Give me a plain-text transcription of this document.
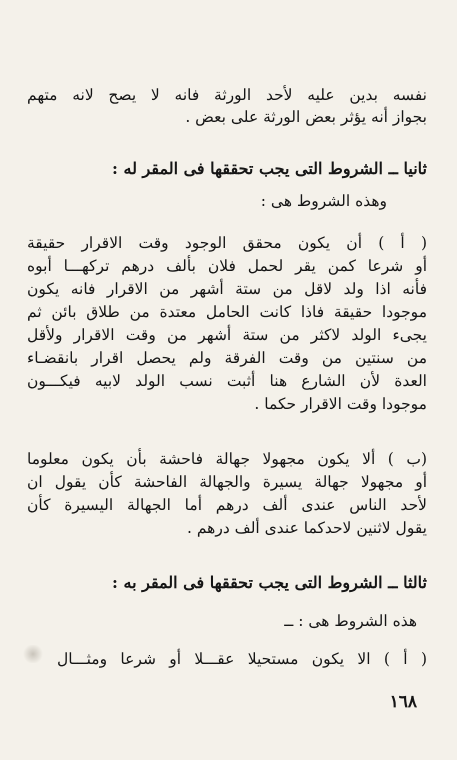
نفسه بدين عليه لأحد الورثة فانه لا يصح لانه متهم
بجواز أنه يؤثر بعض الورثة على بعض .
ثانيا ــ الشروط التى يجب تحققها فى المقر له :
وهذه الشروط هى :
( أ ) أن يكون محقق الوجود وقت الاقرار حقيقة
أو شرعا كمن يقر لحمل فلان بألف درهم تركهـــا أبوه
فأنه اذا ولد لاقل من ستة أشهر من الاقرار فانه يكون
موجودا حقيقة فاذا كانت الحامل معتدة من طلاق بائن ثم
يجىء الولد لاكثر من ستة أشهر من وقت الاقرار ولأقل
من سنتين من وقت الفرقة ولم يحصل اقرار بانقضـاء
العدة لأن الشارع هنا أثبت نسب الولد لابيه فيكـــون
موجودا وقت الاقرار حكما .
(ب ) ألا يكون مجهولا جهالة فاحشة بأن يكون معلوما
أو مجهولا جهالة يسيرة والجهالة الفاحشة كأن يقول ان
لأحد الناس عندى ألف درهم أما الجهالة اليسيرة كأن
يقول لاثنين لاحدكما عندى ألف درهم .
ثالثا ــ الشروط التى يجب تحققها فى المقر به :
هذه الشروط هى : ــ
( أ ) الا يكون مستحيلا عقـــلا أو شرعا ومثـــال
١٦٨
